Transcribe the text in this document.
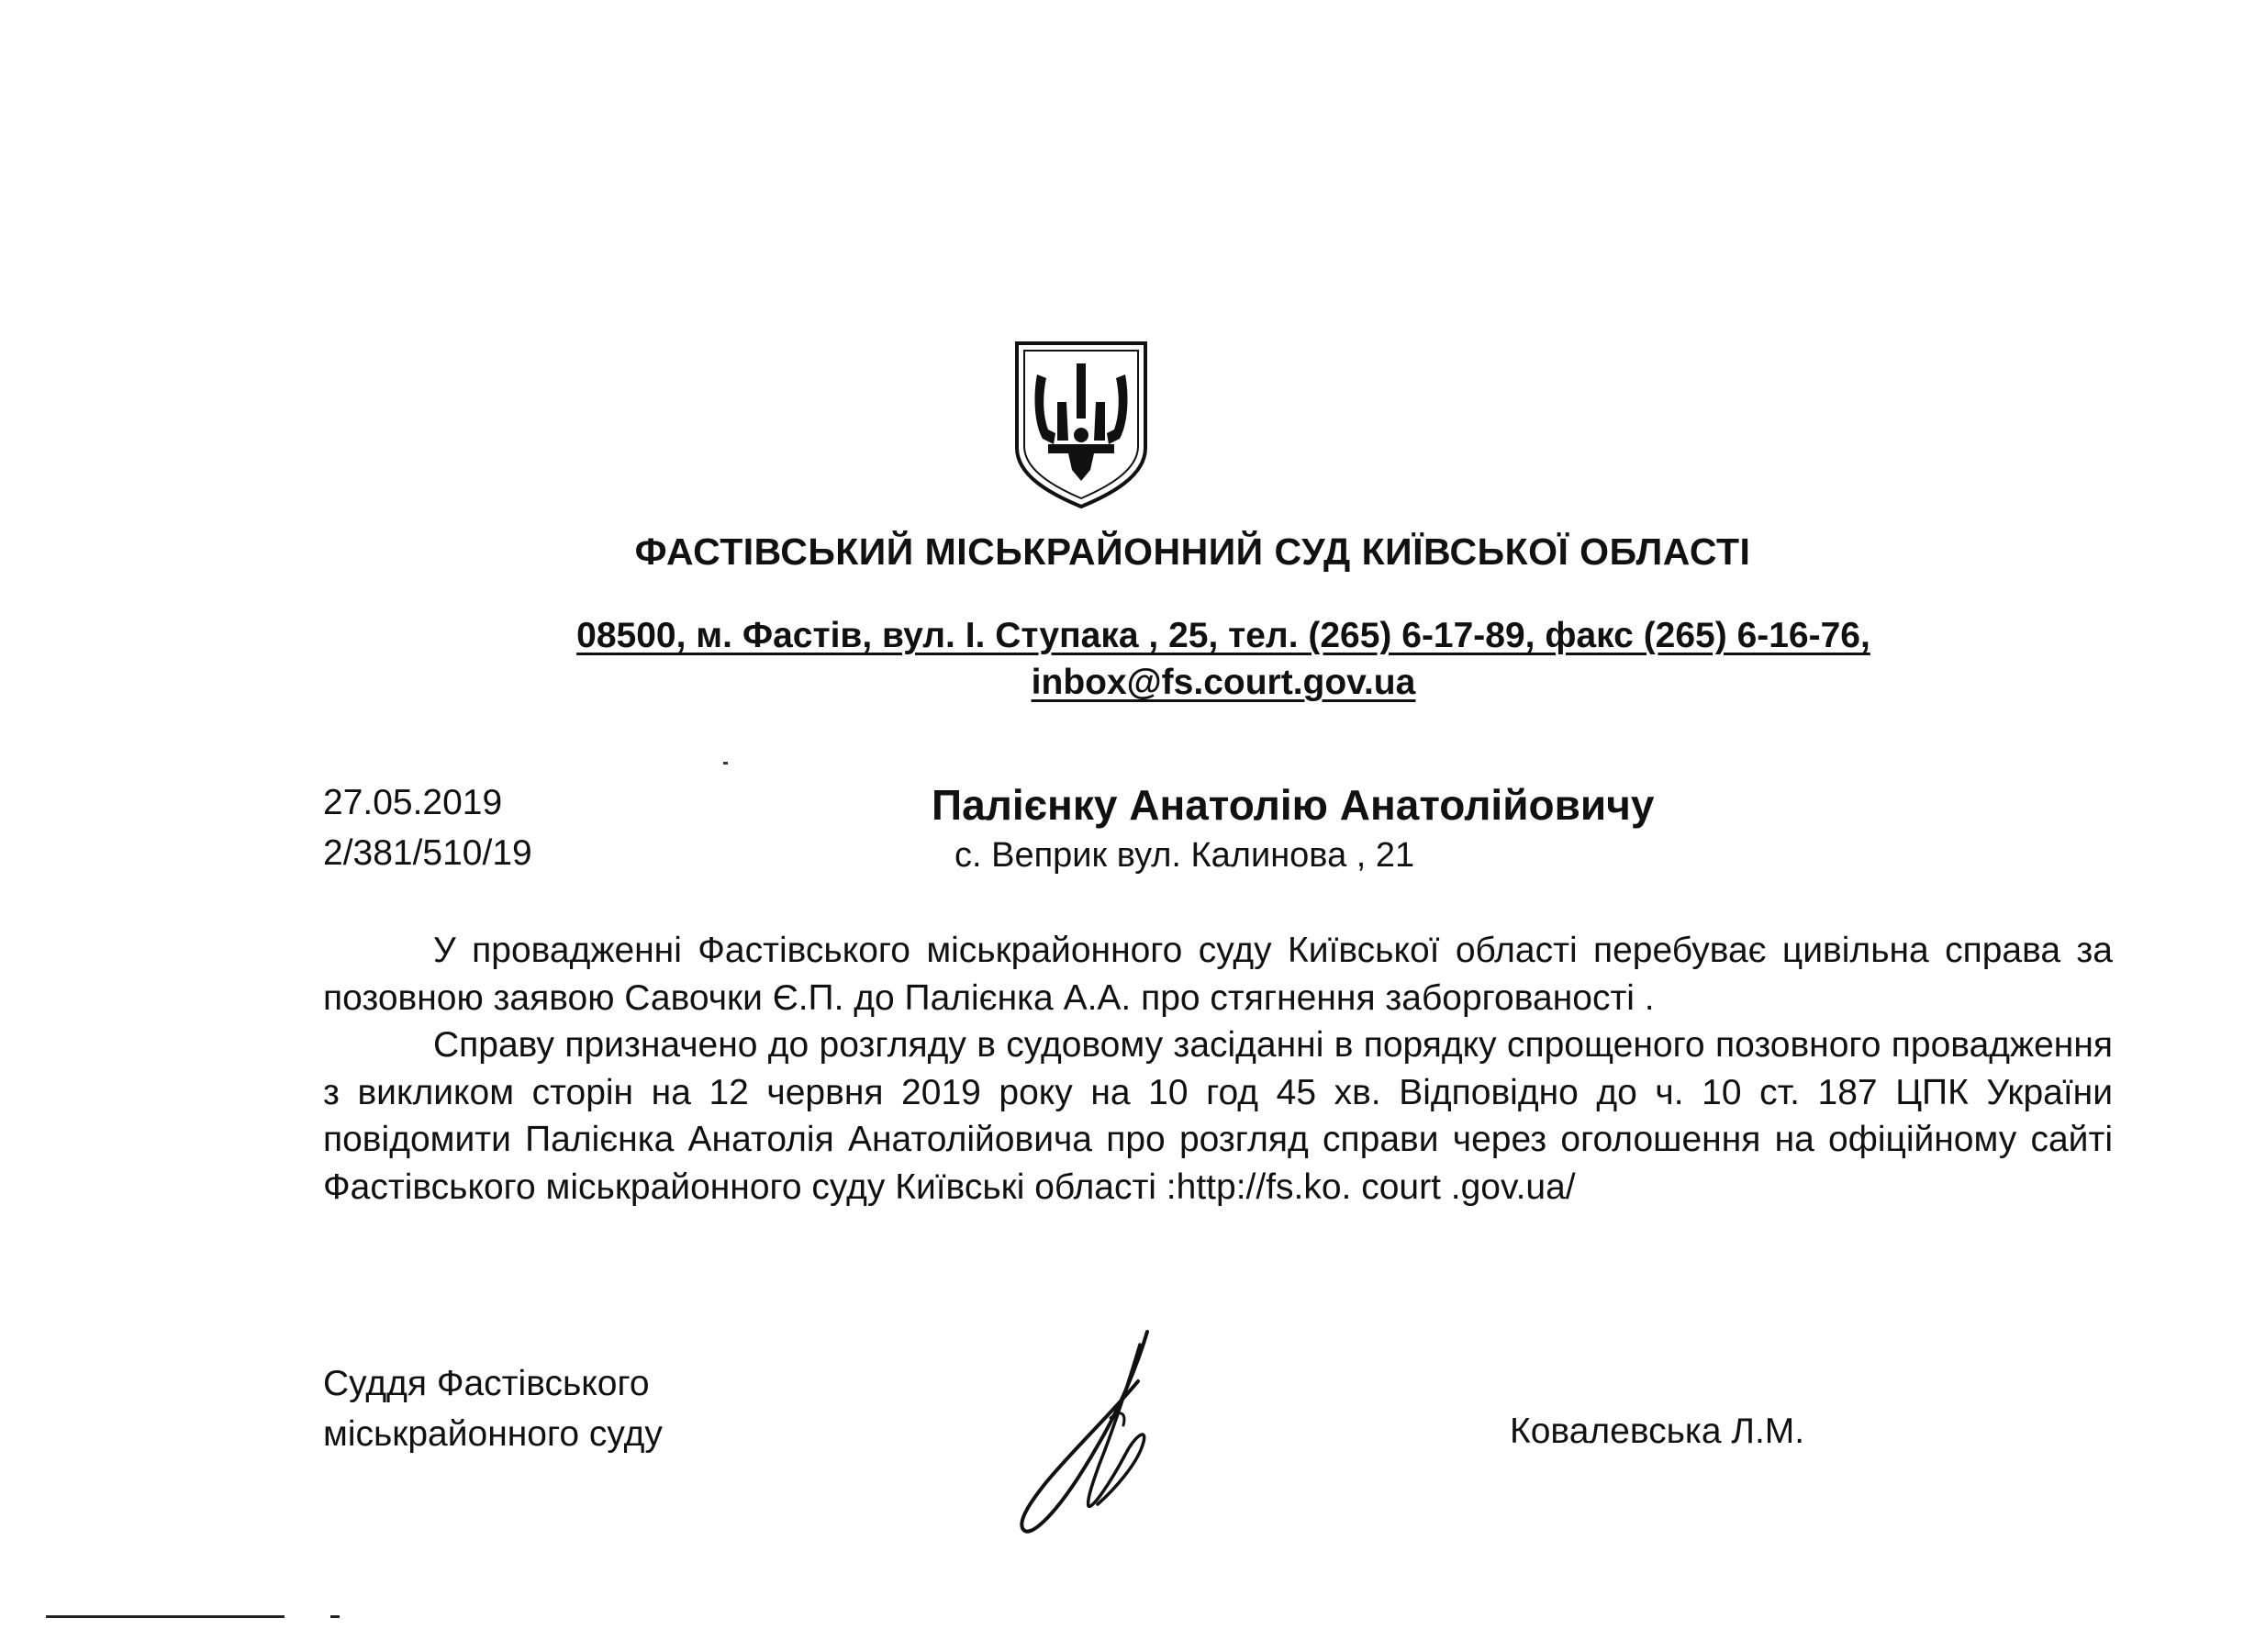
ФАСТІВСЬКИЙ МІСЬКРАЙОННИЙ СУД КИЇВСЬКОЇ ОБЛАСТІ
08500, м. Фастів, вул. І. Ступака , 25, тел. (265) 6-17-89, факс (265) 6-16-76,
inbox@fs.court.gov.ua
27.05.2019
2/381/510/19
Палієнку Анатолію Анатолійовичу
с. Веприк вул. Калинова , 21

У провадженні Фастівського міськрайонного суду Київської області перебуває цивільна справа за позовною заявою Савочки Є.П. до Палієнка А.А. про стягнення заборгованості .

Справу призначено до розгляду в судовому засіданні в порядку спрощеного позовного провадження з викликом сторін на 12 червня 2019 року на 10 год 45 хв. Відповідно до ч. 10 ст. 187 ЦПК України повідомити Палієнка Анатолія Анатолійовича про розгляд справи через оголошення на офіційному сайті Фастівського міськрайонного суду Київські області :http://fs.ko. court .gov.ua/

Суддя Фастівського
міськрайонного суду	Ковалевська Л.М.
